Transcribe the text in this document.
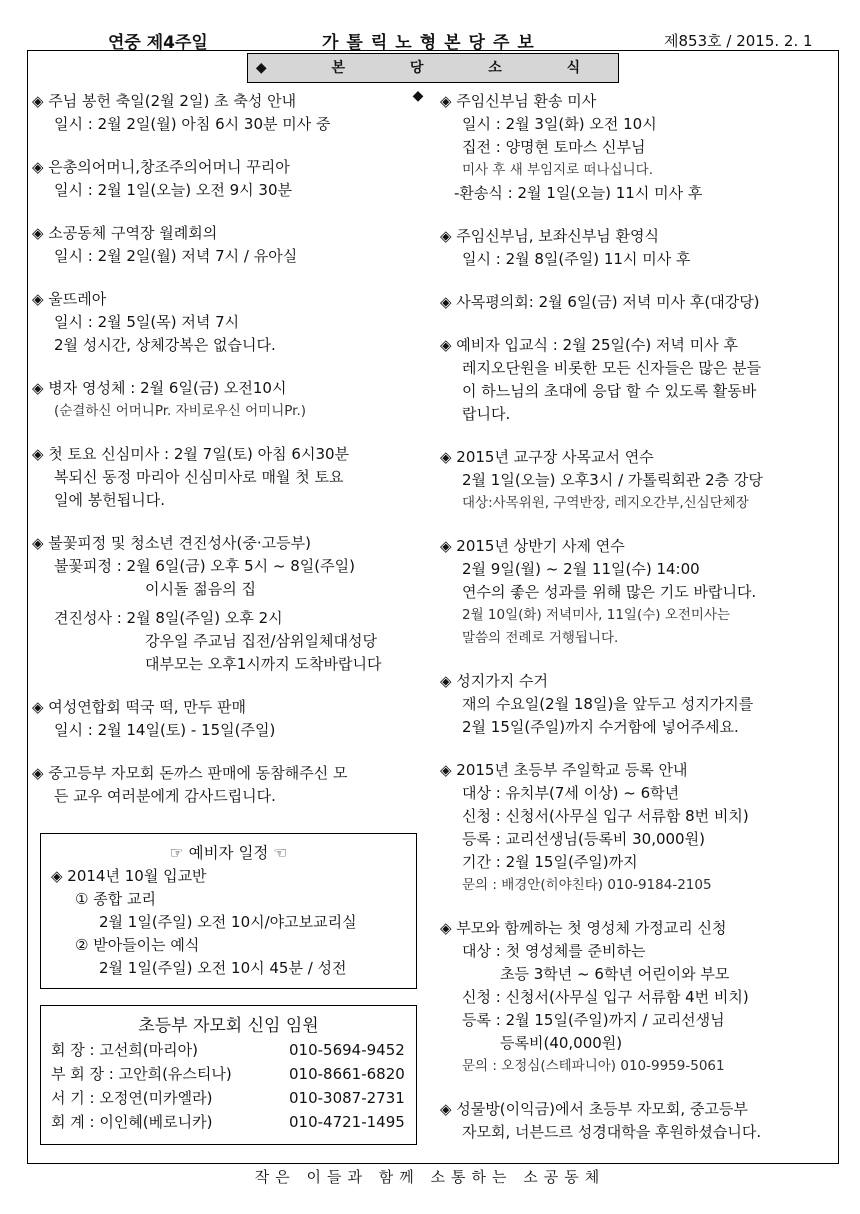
연중 제4주일	가톨릭노형본당주보	제853호 / 2015. 2. 1
◆ 본 당 소 식 ◆
◈ 주님 봉헌 축일(2월 2일) 초 축성 안내
일시 : 2월 2일(월) 아침 6시 30분 미사 중
◈ 은총의어머니,창조주의어머니 꾸리아
일시 : 2월 1일(오늘) 오전 9시 30분
◈ 소공동체 구역장 월례회의
일시 : 2월 2일(월) 저녁 7시 / 유아실
◈ 울뜨레아
일시 : 2월 5일(목) 저녁 7시
2월 성시간, 상체강복은 없습니다.
◈ 병자 영성체 : 2월 6일(금) 오전10시
(순결하신 어머니Pr. 자비로우신 어미니Pr.)
◈ 첫 토요 신심미사 : 2월 7일(토) 아침 6시30분
복되신 동정 마리아 신심미사로 매월 첫 토요
일에 봉헌됩니다.
◈ 불꽃피정 및 청소년 견진성사(중·고등부)
불꽃피정 : 2월 6일(금) 오후 5시 ~ 8일(주일)
이시돌 젊음의 집
견진성사 : 2월 8일(주일) 오후 2시
강우일 주교님 집전/삼위일체대성당
대부모는 오후1시까지 도착바랍니다
◈ 여성연합회 떡국 떡, 만두 판매
일시 : 2월 14일(토) - 15일(주일)
◈ 중고등부 자모회 돈까스 판매에 동참해주신 모
든 교우 여러분에게 감사드립니다.
☞ 예비자 일정 ☜
◈ 2014년 10월 입교반
① 종합 교리
2월 1일(주일) 오전 10시/야고보교리실
② 받아들이는 예식
2월 1일(주일) 오전 10시 45분 / 성전
초등부 자모회 신임 임원
회 장 : 고선희(마리아)	010-5694-9452
부 회 장 : 고안희(유스티나)	010-8661-6820
서 기 : 오정연(미카엘라)	010-3087-2731
회 계 : 이인혜(베로니카)	010-4721-1495
◈ 주임신부님 환송 미사
일시 : 2월 3일(화) 오전 10시
집전 : 양명현 토마스 신부님
미사 후 새 부임지로 떠나십니다.
-환송식 : 2월 1일(오늘) 11시 미사 후
◈ 주임신부님, 보좌신부님 환영식
일시 : 2월 8일(주일) 11시 미사 후
◈ 사목평의회: 2월 6일(금) 저녁 미사 후(대강당)
◈ 예비자 입교식 : 2월 25일(수) 저녁 미사 후
레지오단원을 비롯한 모든 신자들은 많은 분들
이 하느님의 초대에 응답 할 수 있도록 활동바
랍니다.
◈ 2015년 교구장 사목교서 연수
2월 1일(오늘) 오후3시 / 가톨릭회관 2층 강당
대상:사목위원, 구역반장, 레지오간부,신심단체장
◈ 2015년 상반기 사제 연수
2월 9일(월) ~ 2월 11일(수) 14:00
연수의 좋은 성과를 위해 많은 기도 바랍니다.
2월 10일(화) 저녁미사, 11일(수) 오전미사는
말씀의 전례로 거행됩니다.
◈ 성지가지 수거
재의 수요일(2월 18일)을 앞두고 성지가지를
2월 15일(주일)까지 수거함에 넣어주세요.
◈ 2015년 초등부 주일학교 등록 안내
대상 : 유치부(7세 이상) ~ 6학년
신청 : 신청서(사무실 입구 서류함 8번 비치)
등록 : 교리선생님(등록비 30,000원)
기간 : 2월 15일(주일)까지
문의 : 배경안(히야친타) 010-9184-2105
◈ 부모와 함께하는 첫 영성체 가정교리 신청
대상 : 첫 영성체를 준비하는
초등 3학년 ~ 6학년 어린이와 부모
신청 : 신청서(사무실 입구 서류함 4번 비치)
등록 : 2월 15일(주일)까지 / 교리선생님
등록비(40,000원)
문의 : 오정심(스테파니아) 010-9959-5061
◈ 성물방(이익금)에서 초등부 자모회, 중고등부
자모회, 너븐드르 성경대학을 후원하셨습니다.
작은 이들과 함께 소통하는 소공동체
